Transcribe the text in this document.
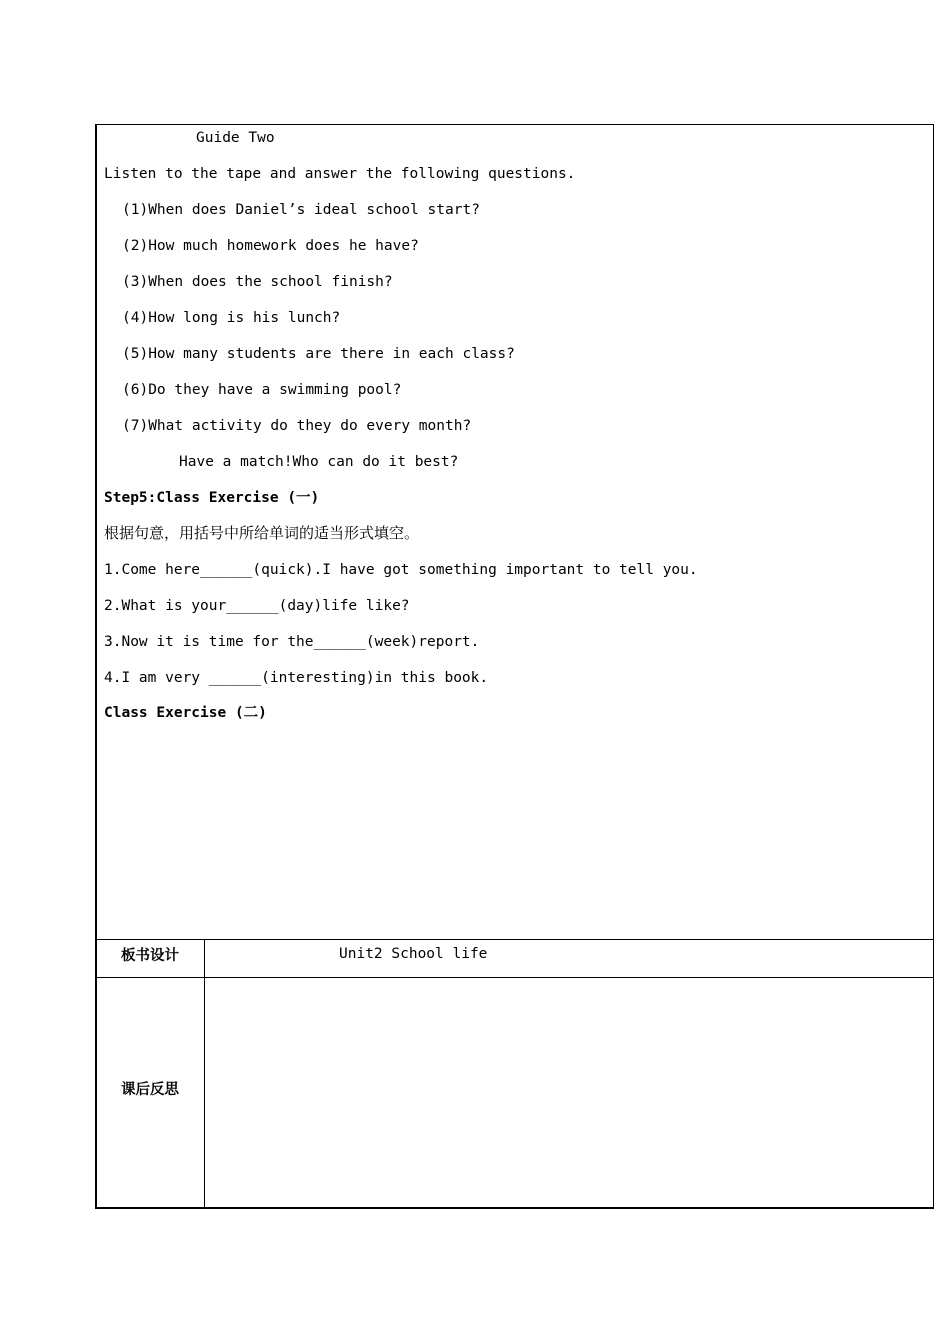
Guide Two
Listen to the tape and answer the following questions.
(1)When does Daniel’s ideal school start?
(2)How much homework does he have?
(3)When does the school finish?
(4)How long is his lunch?
(5)How many students are there in each class?
(6)Do they have a swimming pool?
(7)What activity do they do every month?
Have a match!Who can do it best?
Step5:Class Exercise (一)
根据句意，用括号中所给单词的适当形式填空。
1.Come here______(quick).I have got something important to tell you.
2.What is your______(day)life like?
3.Now it is time for the______(week)report.
4.I am very ______(interesting)in this book.
Class Exercise (二)
板书设计	Unit2 School life
课后反思
